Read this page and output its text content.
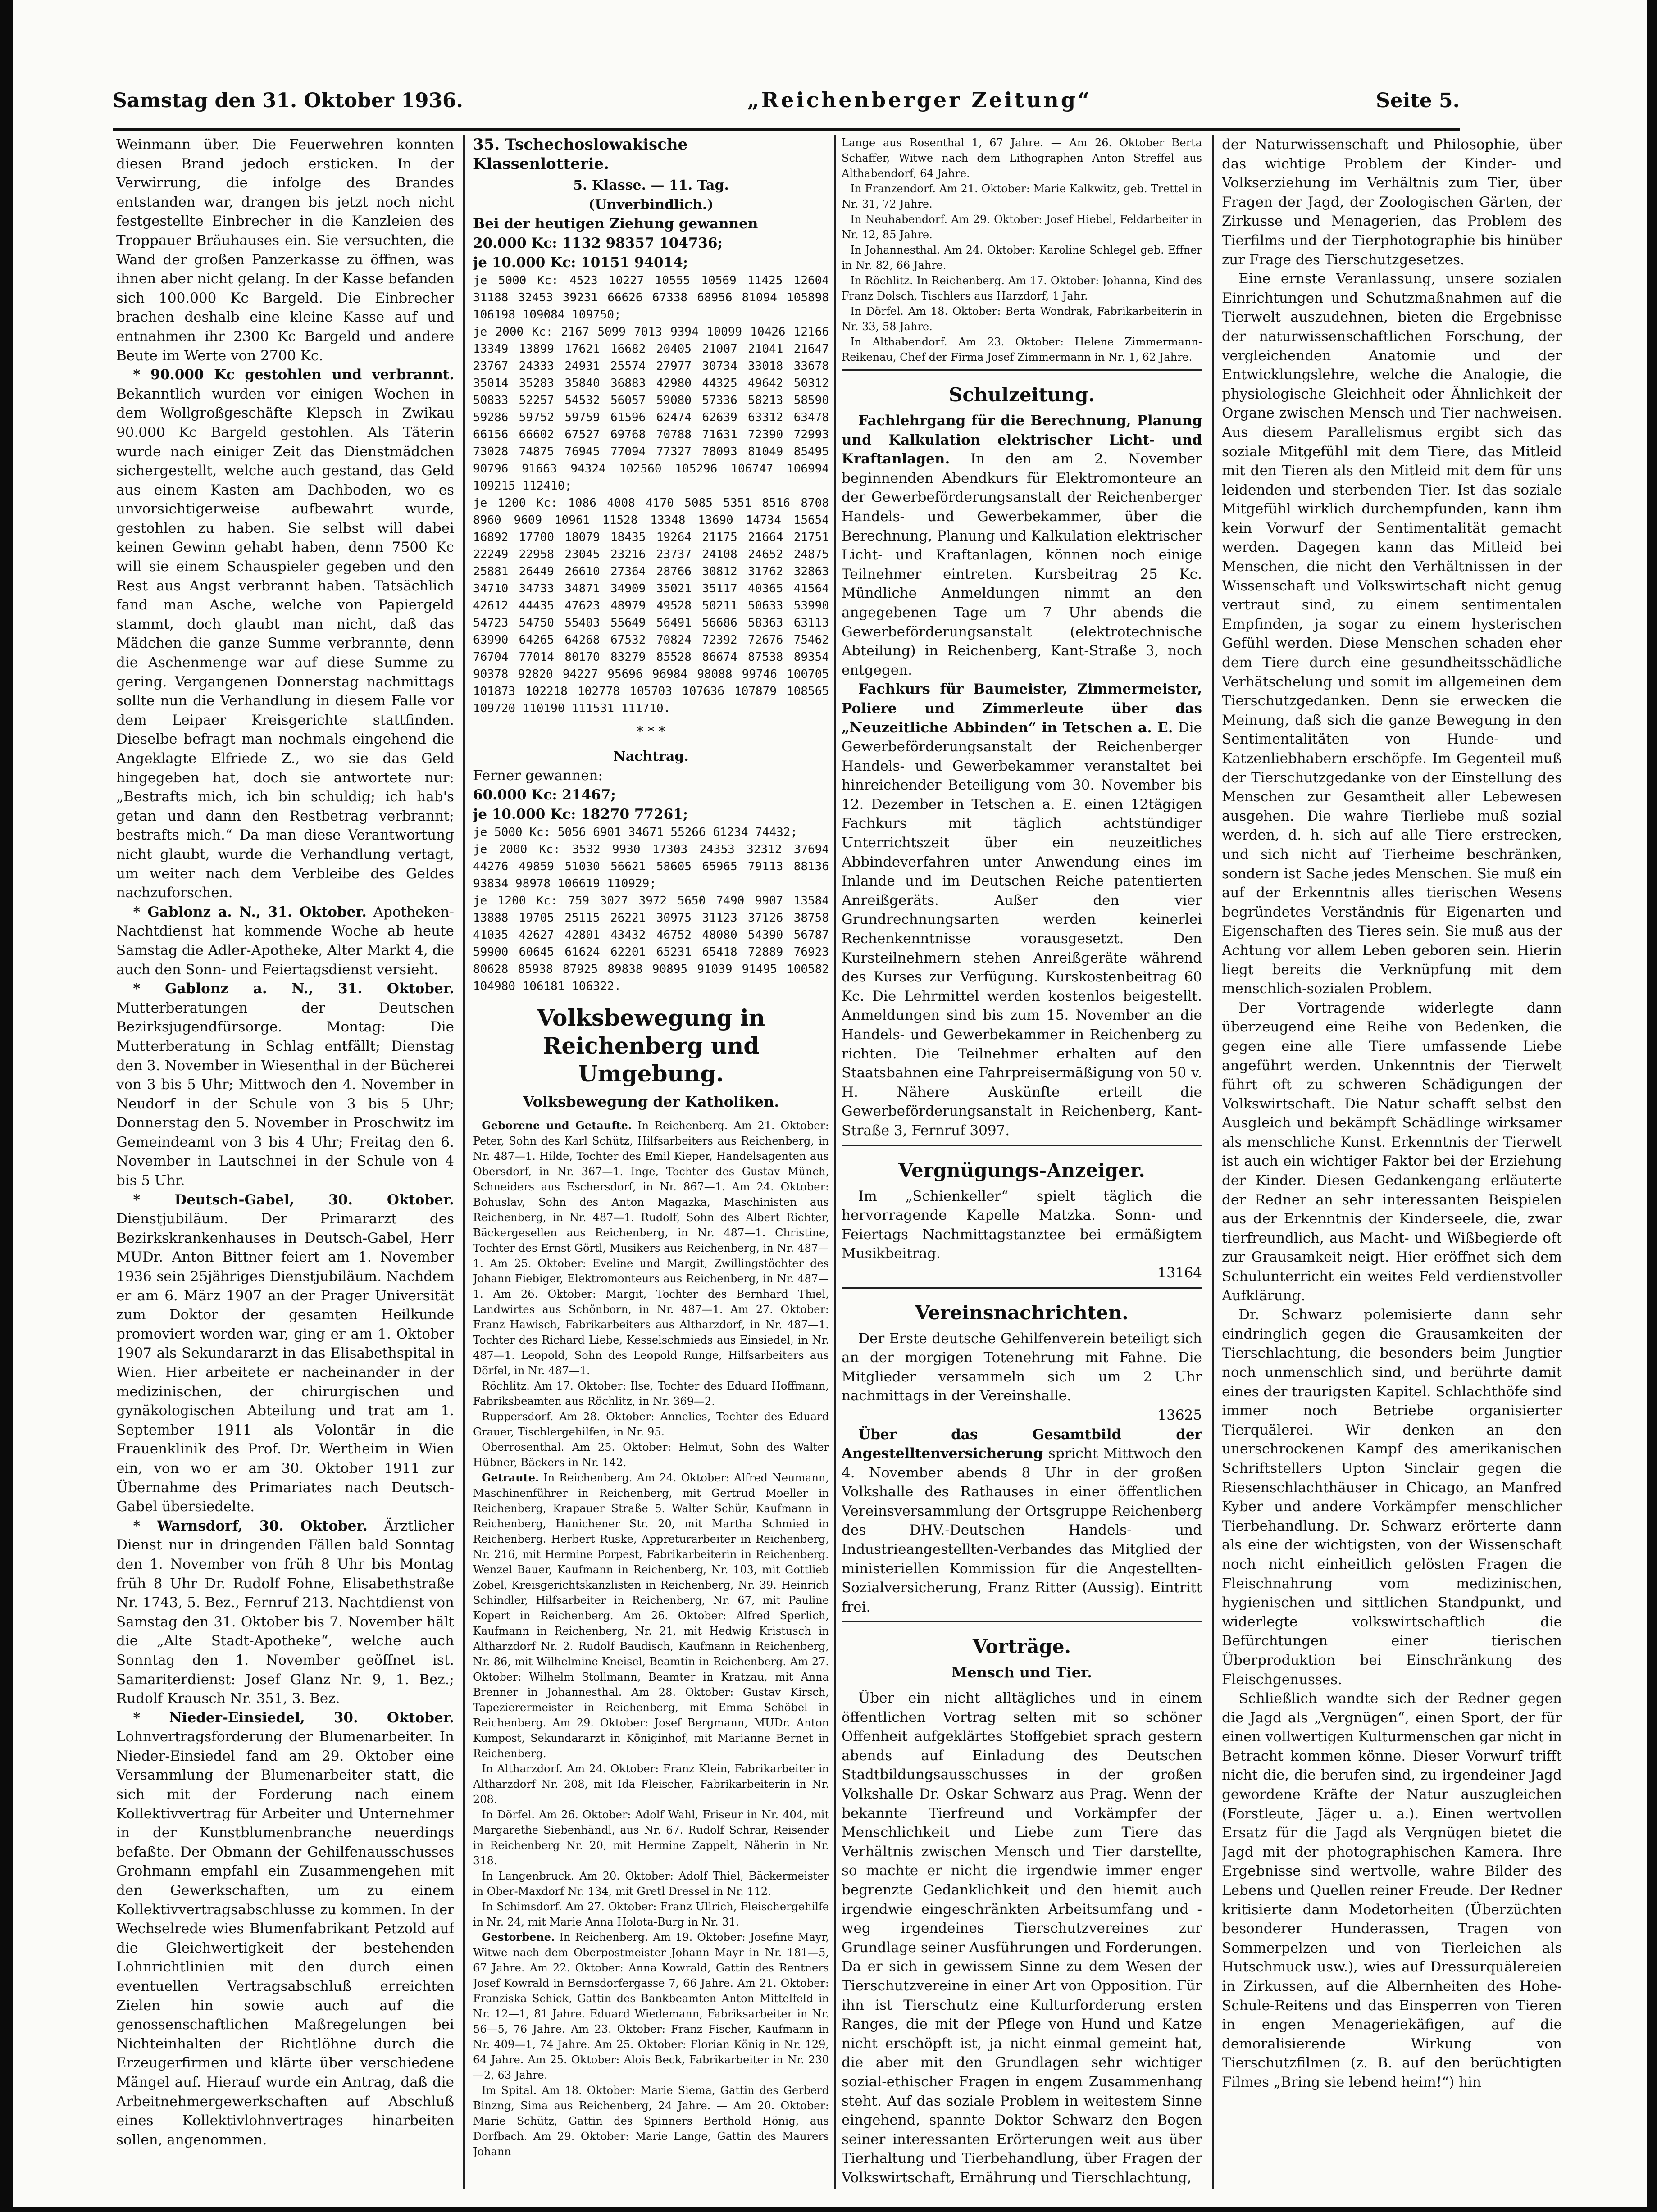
Samstag den 31. Oktober 1936.	„Reichenberger Zeitung“	Seite 5.

Weinmann über. Die Feuerwehren konnten diesen Brand jedoch ersticken. In der Verwirrung, die infolge des Brandes entstanden war, drangen bis jetzt noch nicht festgestellte Einbrecher in die Kanzleien des Troppauer Bräuhauses ein. Sie versuchten, die Wand der großen Panzerkasse zu öffnen, was ihnen aber nicht gelang. In der Kasse befanden sich 100.000 Kc Bargeld. Die Einbrecher brachen deshalb eine kleine Kasse auf und entnahmen ihr 2300 Kc Bargeld und andere Beute im Werte von 2700 Kc.

* 90.000 Kc gestohlen und verbrannt. Bekanntlich wurden vor einigen Wochen in dem Wollgroßgeschäfte Klepsch in Zwikau 90.000 Kc Bargeld gestohlen. Als Täterin wurde nach einiger Zeit das Dienstmädchen sichergestellt, welche auch gestand, das Geld aus einem Kasten am Dachboden, wo es unvorsichtigerweise aufbewahrt wurde, gestohlen zu haben. Sie selbst will dabei keinen Gewinn gehabt haben, denn 7500 Kc will sie einem Schauspieler gegeben und den Rest aus Angst verbrannt haben. Tatsächlich fand man Asche, welche von Papiergeld stammt, doch glaubt man nicht, daß das Mädchen die ganze Summe verbrannte, denn die Aschenmenge war auf diese Summe zu gering. Vergangenen Donnerstag nachmittags sollte nun die Verhandlung in diesem Falle vor dem Leipaer Kreisgerichte stattfinden. Dieselbe befragt man nochmals eingehend die Angeklagte Elfriede Z., wo sie das Geld hingegeben hat, doch sie antwortete nur: „Bestrafts mich, ich bin schuldig; ich hab's getan und dann den Restbetrag verbrannt; bestrafts mich.“ Da man diese Verantwortung nicht glaubt, wurde die Verhandlung vertagt, um weiter nach dem Verbleibe des Geldes nachzuforschen.

* Gablonz a. N., 31. Oktober. Apotheken-Nachtdienst hat kommende Woche ab heute Samstag die Adler-Apotheke, Alter Markt 4, die auch den Sonn- und Feiertagsdienst versieht.

* Gablonz a. N., 31. Oktober. Mutterberatungen der Deutschen Bezirksjugendfürsorge. Montag: Die Mutterberatung in Schlag entfällt; Dienstag den 3. November in Wiesenthal in der Bücherei von 3 bis 5 Uhr; Mittwoch den 4. November in Neudorf in der Schule von 3 bis 5 Uhr; Donnerstag den 5. November in Proschwitz im Gemeindeamt von 3 bis 4 Uhr; Freitag den 6. November in Lautschnei in der Schule von 4 bis 5 Uhr.

* Deutsch-Gabel, 30. Oktober. Dienstjubiläum. Der Primararzt des Bezirkskrankenhauses in Deutsch-Gabel, Herr MUDr. Anton Bittner feiert am 1. November 1936 sein 25jähriges Dienstjubiläum. Nachdem er am 6. März 1907 an der Prager Universität zum Doktor der gesamten Heilkunde promoviert worden war, ging er am 1. Oktober 1907 als Sekundararzt in das Elisabethspital in Wien. Hier arbeitete er nacheinander in der medizinischen, der chirurgischen und gynäkologischen Abteilung und trat am 1. September 1911 als Volontär in die Frauenklinik des Prof. Dr. Wertheim in Wien ein, von wo er am 30. Oktober 1911 zur Übernahme des Primariates nach Deutsch-Gabel übersiedelte.

* Warnsdorf, 30. Oktober. Ärztlicher Dienst nur in dringenden Fällen bald Sonntag den 1. November von früh 8 Uhr bis Montag früh 8 Uhr Dr. Rudolf Fohne, Elisabethstraße Nr. 1743, 5. Bez., Fernruf 213. Nachtdienst von Samstag den 31. Oktober bis 7. November hält die „Alte Stadt-Apotheke“, welche auch Sonntag den 1. November geöffnet ist. Samariterdienst: Josef Glanz Nr. 9, 1. Bez.; Rudolf Krausch Nr. 351, 3. Bez.

* Nieder-Einsiedel, 30. Oktober. Lohnvertragsforderung der Blumenarbeiter. In Nieder-Einsiedel fand am 29. Oktober eine Versammlung der Blumenarbeiter statt, die sich mit der Forderung nach einem Kollektivvertrag für Arbeiter und Unternehmer in der Kunstblumenbranche neuerdings befaßte. Der Obmann der Gehilfenausschusses Grohmann empfahl ein Zusammengehen mit den Gewerkschaften, um zu einem Kollektivvertragsabschlusse zu kommen. In der Wechselrede wies Blumenfabrikant Petzold auf die Gleichwertigkeit der bestehenden Lohnrichtlinien mit den durch einen eventuellen Vertragsabschluß erreichten Zielen hin sowie auch auf die genossenschaftlichen Maßregelungen bei Nichteinhalten der Richtlöhne durch die Erzeugerfirmen und klärte über verschiedene Mängel auf. Hierauf wurde ein Antrag, daß die Arbeitnehmergewerkschaften auf Abschluß eines Kollektivlohnvertrages hinarbeiten sollen, angenommen.

35. Tschechoslowakische Klassenlotterie.
5. Klasse. — 11. Tag.
(Unverbindlich.)

Bei der heutigen Ziehung gewannen

20.000 Kc: 1132 98357 104736;

je 10.000 Kc: 10151 94014;

je 5000 Kc: 4523 10227 10555 10569 11425 12604 31188 32453 39231 66626 67338 68956 81094 105898 106198 109084 109750;

je 2000 Kc: 2167 5099 7013 9394 10099 10426 12166 13349 13899 17621 16682 20405 21007 21041 21647 23767 24333 24931 25574 27977 30734 33018 33678 35014 35283 35840 36883 42980 44325 49642 50312 50833 52257 54532 56057 59080 57336 58213 58590 59286 59752 59759 61596 62474 62639 63312 63478 66156 66602 67527 69768 70788 71631 72390 72993 73028 74875 76945 77094 77327 78093 81049 85495 90796 91663 94324 102560 105296 106747 106994 109215 112410;

je 1200 Kc: 1086 4008 4170 5085 5351 8516 8708 8960 9609 10961 11528 13348 13690 14734 15654 16892 17700 18079 18435 19264 21175 21664 21751 22249 22958 23045 23216 23737 24108 24652 24875 25881 26449 26610 27364 28766 30812 31762 32863 34710 34733 34871 34909 35021 35117 40365 41564 42612 44435 47623 48979 49528 50211 50633 53990 54723 54750 55403 55649 56491 56686 58363 63113 63990 64265 64268 67532 70824 72392 72676 75462 76704 77014 80170 83279 85528 86674 87538 89354 90378 92820 94227 95696 96984 98088 99746 100705 101873 102218 102778 105703 107636 107879 108565 109720 110190 111531 111710.

* * *
Nachtrag.

Ferner gewannen:

60.000 Kc: 21467;

je 10.000 Kc: 18270 77261;

je 5000 Kc: 5056 6901 34671 55266 61234 74432;

je 2000 Kc: 3532 9930 17303 24353 32312 37694 44276 49859 51030 56621 58605 65965 79113 88136 93834 98978 106619 110929;

je 1200 Kc: 759 3027 3972 5650 7490 9907 13584 13888 19705 25115 26221 30975 31123 37126 38758 41035 42627 42801 43432 46752 48080 54390 56787 59900 60645 61624 62201 65231 65418 72889 76923 80628 85938 87925 89838 90895 91039 91495 100582 104980 106181 106322.

Volksbewegung in Reichenberg und Umgebung.
Volksbewegung der Katholiken.

Geborene und Getaufte. In Reichenberg. Am 21. Oktober: Peter, Sohn des Karl Schütz, Hilfsarbeiters aus Reichenberg, in Nr. 487—1. Hilde, Tochter des Emil Kieper, Handelsagenten aus Obersdorf, in Nr. 367—1. Inge, Tochter des Gustav Münch, Schneiders aus Eschersdorf, in Nr. 867—1. Am 24. Oktober: Bohuslav, Sohn des Anton Magazka, Maschinisten aus Reichenberg, in Nr. 487—1. Rudolf, Sohn des Albert Richter, Bäckergesellen aus Reichenberg, in Nr. 487—1. Christine, Tochter des Ernst Görtl, Musikers aus Reichenberg, in Nr. 487—1. Am 25. Oktober: Eveline und Margit, Zwillingstöchter des Johann Fiebiger, Elektromonteurs aus Reichenberg, in Nr. 487—1. Am 26. Oktober: Margit, Tochter des Bernhard Thiel, Landwirtes aus Schönborn, in Nr. 487—1. Am 27. Oktober: Franz Hawisch, Fabrikarbeiters aus Altharzdorf, in Nr. 487—1. Tochter des Richard Liebe, Kesselschmieds aus Einsiedel, in Nr. 487—1. Leopold, Sohn des Leopold Runge, Hilfsarbeiters aus Dörfel, in Nr. 487—1.

Röchlitz. Am 17. Oktober: Ilse, Tochter des Eduard Hoffmann, Fabriksbeamten aus Röchlitz, in Nr. 369—2.

Ruppersdorf. Am 28. Oktober: Annelies, Tochter des Eduard Grauer, Tischlergehilfen, in Nr. 95.

Oberrosenthal. Am 25. Oktober: Helmut, Sohn des Walter Hübner, Bäckers in Nr. 142.

Getraute. In Reichenberg. Am 24. Oktober: Alfred Neumann, Maschinenführer in Reichenberg, mit Gertrud Moeller in Reichenberg, Krapauer Straße 5. Walter Schür, Kaufmann in Reichenberg, Hanichener Str. 20, mit Martha Schmied in Reichenberg. Herbert Ruske, Appreturarbeiter in Reichenberg, Nr. 216, mit Hermine Porpest, Fabrikarbeiterin in Reichenberg. Wenzel Bauer, Kaufmann in Reichenberg, Nr. 103, mit Gottlieb Zobel, Kreisgerichtskanzlisten in Reichenberg, Nr. 39. Heinrich Schindler, Hilfsarbeiter in Reichenberg, Nr. 67, mit Pauline Kopert in Reichenberg. Am 26. Oktober: Alfred Sperlich, Kaufmann in Reichenberg, Nr. 21, mit Hedwig Kristusch in Altharzdorf Nr. 2. Rudolf Baudisch, Kaufmann in Reichenberg, Nr. 86, mit Wilhelmine Kneisel, Beamtin in Reichenberg. Am 27. Oktober: Wilhelm Stollmann, Beamter in Kratzau, mit Anna Brenner in Johannesthal. Am 28. Oktober: Gustav Kirsch, Tapezierermeister in Reichenberg, mit Emma Schöbel in Reichenberg. Am 29. Oktober: Josef Bergmann, MUDr. Anton Kumpost, Sekundararzt in Königinhof, mit Marianne Bernet in Reichenberg.

In Altharzdorf. Am 24. Oktober: Franz Klein, Fabrikarbeiter in Altharzdorf Nr. 208, mit Ida Fleischer, Fabrikarbeiterin in Nr. 208.

In Dörfel. Am 26. Oktober: Adolf Wahl, Friseur in Nr. 404, mit Margarethe Siebenhändl, aus Nr. 67. Rudolf Schrar, Reisender in Reichenberg Nr. 20, mit Hermine Zappelt, Näherin in Nr. 318.

In Langenbruck. Am 20. Oktober: Adolf Thiel, Bäckermeister in Ober-Maxdorf Nr. 134, mit Gretl Dressel in Nr. 112.

In Schimsdorf. Am 27. Oktober: Franz Ullrich, Fleischergehilfe in Nr. 24, mit Marie Anna Holota-Burg in Nr. 31.

Gestorbene. In Reichenberg. Am 19. Oktober: Josefine Mayr, Witwe nach dem Oberpostmeister Johann Mayr in Nr. 181—5, 67 Jahre. Am 22. Oktober: Anna Kowrald, Gattin des Rentners Josef Kowrald in Bernsdorfergasse 7, 66 Jahre. Am 21. Oktober: Franziska Schick, Gattin des Bankbeamten Anton Mittelfeld in Nr. 12—1, 81 Jahre. Eduard Wiedemann, Fabriksarbeiter in Nr. 56—5, 76 Jahre. Am 23. Oktober: Franz Fischer, Kaufmann in Nr. 409—1, 74 Jahre. Am 25. Oktober: Florian König in Nr. 129, 64 Jahre. Am 25. Oktober: Alois Beck, Fabrikarbeiter in Nr. 230—2, 63 Jahre.

Im Spital. Am 18. Oktober: Marie Siema, Gattin des Gerberd Binzng, Sima aus Reichenberg, 24 Jahre. — Am 20. Oktober: Marie Schütz, Gattin des Spinners Berthold Hönig, aus Dorfbach. Am 29. Oktober: Marie Lange, Gattin des Maurers Johann

Lange aus Rosenthal 1, 67 Jahre. — Am 26. Oktober Berta Schaffer, Witwe nach dem Lithographen Anton Streffel aus Althabendorf, 64 Jahre.

In Franzendorf. Am 21. Oktober: Marie Kalkwitz, geb. Trettel in Nr. 31, 72 Jahre.

In Neuhabendorf. Am 29. Oktober: Josef Hiebel, Feldarbeiter in Nr. 12, 85 Jahre.

In Johannesthal. Am 24. Oktober: Karoline Schlegel geb. Effner in Nr. 82, 66 Jahre.

In Röchlitz. In Reichenberg. Am 17. Oktober: Johanna, Kind des Franz Dolsch, Tischlers aus Harzdorf, 1 Jahr.

In Dörfel. Am 18. Oktober: Berta Wondrak, Fabrikarbeiterin in Nr. 33, 58 Jahre.

In Althabendorf. Am 23. Oktober: Helene Zimmermann-Reikenau, Chef der Firma Josef Zimmermann in Nr. 1, 62 Jahre.

Schulzeitung.

Fachlehrgang für die Berechnung, Planung und Kalkulation elektrischer Licht- und Kraftanlagen. In den am 2. November beginnenden Abendkurs für Elektromonteure an der Gewerbeförderungsanstalt der Reichenberger Handels- und Gewerbekammer, über die Berechnung, Planung und Kalkulation elektrischer Licht- und Kraftanlagen, können noch einige Teilnehmer eintreten. Kursbeitrag 25 Kc. Mündliche Anmeldungen nimmt an den angegebenen Tage um 7 Uhr abends die Gewerbeförderungsanstalt (elektrotechnische Abteilung) in Reichenberg, Kant-Straße 3, noch entgegen.

Fachkurs für Baumeister, Zimmermeister, Poliere und Zimmerleute über das „Neuzeitliche Abbinden“ in Tetschen a. E. Die Gewerbeförderungsanstalt der Reichenberger Handels- und Gewerbekammer veranstaltet bei hinreichender Beteiligung vom 30. November bis 12. Dezember in Tetschen a. E. einen 12tägigen Fachkurs mit täglich achtstündiger Unterrichtszeit über ein neuzeitliches Abbindeverfahren unter Anwendung eines im Inlande und im Deutschen Reiche patentierten Anreißgeräts. Außer den vier Grundrechnungsarten werden keinerlei Rechenkenntnisse vorausgesetzt. Den Kursteilnehmern stehen Anreißgeräte während des Kurses zur Verfügung. Kurskostenbeitrag 60 Kc. Die Lehrmittel werden kostenlos beigestellt. Anmeldungen sind bis zum 15. November an die Handels- und Gewerbekammer in Reichenberg zu richten. Die Teilnehmer erhalten auf den Staatsbahnen eine Fahrpreisermäßigung von 50 v. H. Nähere Auskünfte erteilt die Gewerbeförderungsanstalt in Reichenberg, Kant-Straße 3, Fernruf 3097.

Vergnügungs-Anzeiger.

Im „Schienkeller“ spielt täglich die hervorragende Kapelle Matzka. Sonn- und Feiertags Nachmittagstanztee bei ermäßigtem Musikbeitrag.

13164
Vereinsnachrichten.

Der Erste deutsche Gehilfenverein beteiligt sich an der morgigen Totenehrung mit Fahne. Die Mitglieder versammeln sich um 2 Uhr nachmittags in der Vereinshalle.

13625

Über das Gesamtbild der Angestelltenversicherung spricht Mittwoch den 4. November abends 8 Uhr in der großen Volkshalle des Rathauses in einer öffentlichen Vereinsversammlung der Ortsgruppe Reichenberg des DHV.-Deutschen Handels- und Industrieangestellten-Verbandes das Mitglied der ministeriellen Kommission für die Angestellten-Sozialversicherung, Franz Ritter (Aussig). Eintritt frei.

Vorträge.
Mensch und Tier.

Über ein nicht alltägliches und in einem öffentlichen Vortrag selten mit so schöner Offenheit aufgeklärtes Stoffgebiet sprach gestern abends auf Einladung des Deutschen Stadtbildungsausschusses in der großen Volkshalle Dr. Oskar Schwarz aus Prag. Wenn der bekannte Tierfreund und Vorkämpfer der Menschlichkeit und Liebe zum Tiere das Verhältnis zwischen Mensch und Tier darstellte, so machte er nicht die irgendwie immer enger begrenzte Gedanklichkeit und den hiemit auch irgendwie eingeschränkten Arbeitsumfang und -weg irgendeines Tierschutzvereines zur Grundlage seiner Ausführungen und Forderungen. Da er sich in gewissem Sinne zu dem Wesen der Tierschutzvereine in einer Art von Opposition. Für ihn ist Tierschutz eine Kulturforderung ersten Ranges, die mit der Pflege von Hund und Katze nicht erschöpft ist, ja nicht einmal gemeint hat, die aber mit den Grundlagen sehr wichtiger sozial-ethischer Fragen in engem Zusammenhang steht. Auf das soziale Problem in weitestem Sinne eingehend, spannte Doktor Schwarz den Bogen seiner interessanten Erörterungen weit aus über Tierhaltung und Tierbehandlung, über Fragen der Volkswirtschaft, Ernährung und Tierschlachtung,

der Naturwissenschaft und Philosophie, über das wichtige Problem der Kinder- und Volkserziehung im Verhältnis zum Tier, über Fragen der Jagd, der Zoologischen Gärten, der Zirkusse und Menagerien, das Problem des Tierfilms und der Tierphotographie bis hinüber zur Frage des Tierschutzgesetzes.

Eine ernste Veranlassung, unsere sozialen Einrichtungen und Schutzmaßnahmen auf die Tierwelt auszudehnen, bieten die Ergebnisse der naturwissenschaftlichen Forschung, der vergleichenden Anatomie und der Entwicklungslehre, welche die Analogie, die physiologische Gleichheit oder Ähnlichkeit der Organe zwischen Mensch und Tier nachweisen. Aus diesem Parallelismus ergibt sich das soziale Mitgefühl mit dem Tiere, das Mitleid mit den Tieren als den Mitleid mit dem für uns leidenden und sterbenden Tier. Ist das soziale Mitgefühl wirklich durchempfunden, kann ihm kein Vorwurf der Sentimentalität gemacht werden. Dagegen kann das Mitleid bei Menschen, die nicht den Verhältnissen in der Wissenschaft und Volkswirtschaft nicht genug vertraut sind, zu einem sentimentalen Empfinden, ja sogar zu einem hysterischen Gefühl werden. Diese Menschen schaden eher dem Tiere durch eine gesundheitsschädliche Verhätschelung und somit im allgemeinen dem Tierschutzgedanken. Denn sie erwecken die Meinung, daß sich die ganze Bewegung in den Sentimentalitäten von Hunde- und Katzenliebhabern erschöpfe. Im Gegenteil muß der Tierschutzgedanke von der Einstellung des Menschen zur Gesamtheit aller Lebewesen ausgehen. Die wahre Tierliebe muß sozial werden, d. h. sich auf alle Tiere erstrecken, und sich nicht auf Tierheime beschränken, sondern ist Sache jedes Menschen. Sie muß ein auf der Erkenntnis alles tierischen Wesens begründetes Verständnis für Eigenarten und Eigenschaften des Tieres sein. Sie muß aus der Achtung vor allem Leben geboren sein. Hierin liegt bereits die Verknüpfung mit dem menschlich-sozialen Problem.

Der Vortragende widerlegte dann überzeugend eine Reihe von Bedenken, die gegen eine alle Tiere umfassende Liebe angeführt werden. Unkenntnis der Tierwelt führt oft zu schweren Schädigungen der Volkswirtschaft. Die Natur schafft selbst den Ausgleich und bekämpft Schädlinge wirksamer als menschliche Kunst. Erkenntnis der Tierwelt ist auch ein wichtiger Faktor bei der Erziehung der Kinder. Diesen Gedankengang erläuterte der Redner an sehr interessanten Beispielen aus der Erkenntnis der Kinderseele, die, zwar tierfreundlich, aus Macht- und Wißbegierde oft zur Grausamkeit neigt. Hier eröffnet sich dem Schulunterricht ein weites Feld verdienstvoller Aufklärung.

Dr. Schwarz polemisierte dann sehr eindringlich gegen die Grausamkeiten der Tierschlachtung, die besonders beim Jungtier noch unmenschlich sind, und berührte damit eines der traurigsten Kapitel. Schlachthöfe sind immer noch Betriebe organisierter Tierquälerei. Wir denken an den unerschrockenen Kampf des amerikanischen Schriftstellers Upton Sinclair gegen die Riesenschlachthäuser in Chicago, an Manfred Kyber und andere Vorkämpfer menschlicher Tierbehandlung. Dr. Schwarz erörterte dann als eine der wichtigsten, von der Wissenschaft noch nicht einheitlich gelösten Fragen die Fleischnahrung vom medizinischen, hygienischen und sittlichen Standpunkt, und widerlegte volkswirtschaftlich die Befürchtungen einer tierischen Überproduktion bei Einschränkung des Fleischgenusses.

Schließlich wandte sich der Redner gegen die Jagd als „Vergnügen“, einen Sport, der für einen vollwertigen Kulturmenschen gar nicht in Betracht kommen könne. Dieser Vorwurf trifft nicht die, die berufen sind, zu irgendeiner Jagd gewordene Kräfte der Natur auszugleichen (Forstleute, Jäger u. a.). Einen wertvollen Ersatz für die Jagd als Vergnügen bietet die Jagd mit der photographischen Kamera. Ihre Ergebnisse sind wertvolle, wahre Bilder des Lebens und Quellen reiner Freude. Der Redner kritisierte dann Modetorheiten (Überzüchten besonderer Hunderassen, Tragen von Sommerpelzen und von Tierleichen als Hutschmuck usw.), wies auf Dressurquälereien in Zirkussen, auf die Albernheiten des Hohe-Schule-Reitens und das Einsperren von Tieren in engen Menageriekäfigen, auf die demoralisierende Wirkung von Tierschutzfilmen (z. B. auf den berüchtigten Filmes „Bring sie lebend heim!“) hin
